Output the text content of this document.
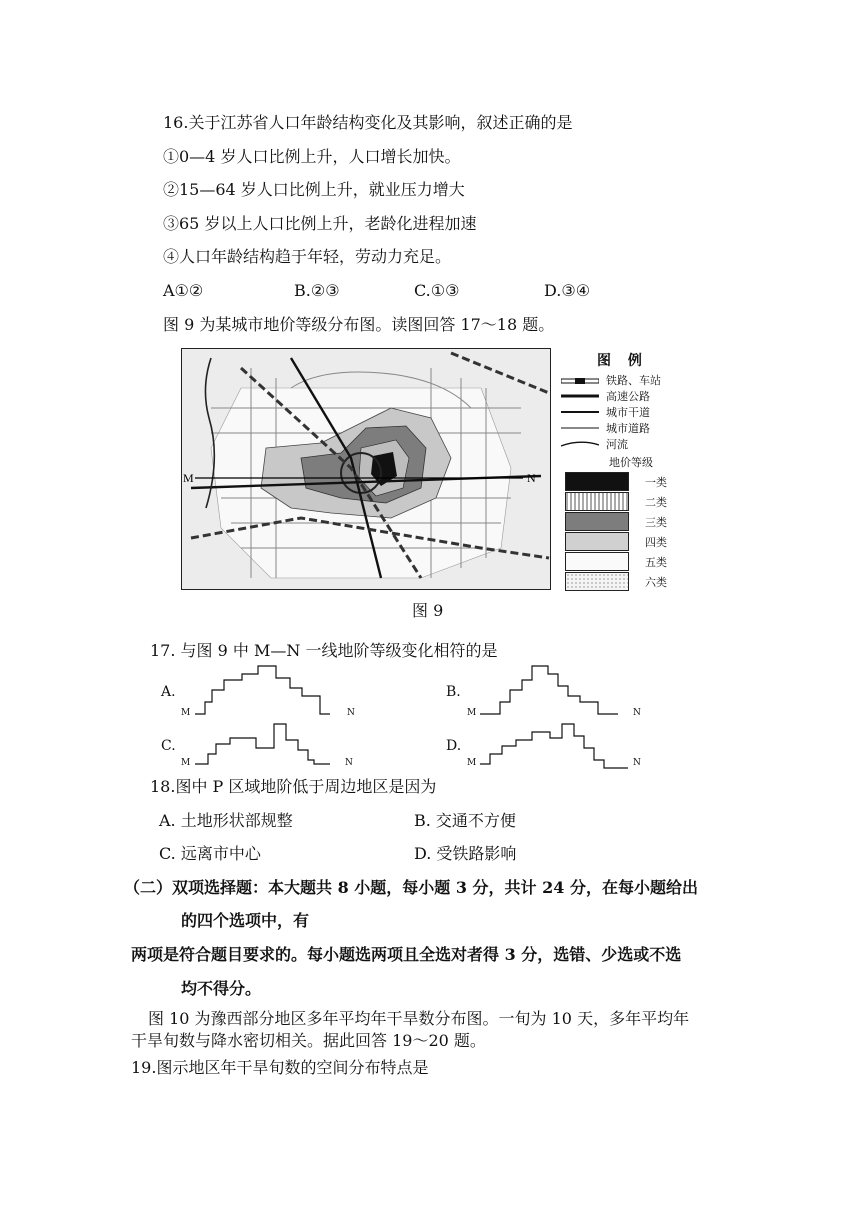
16.关于江苏省人口年龄结构变化及其影响，叙述正确的是
①0—4 岁人口比例上升，人口增长加快。
②15—64 岁人口比例上升，就业压力增大
③65 岁以上人口比例上升，老龄化进程加速
④人口年龄结构趋于年轻，劳动力充足。
A①②	B.②③	C.①③	D.③④
图 9 为某城市地价等级分布图。读图回答 17～18 题。
M	N
图 例
铁路、车站
高速公路
城市干道
城市道路
河流
地价等级
一类
二类
三类
四类
五类
六类
图 9
17. 与图 9 中 M—N 一线地阶等级变化相符的是
A.
M	N
B.
M	N
C.
M	N
D.
M	N
18.图中 P 区域地阶低于周边地区是因为
A. 土地形状部规整	B. 交通不方便
C. 远离市中心	D. 受铁路影响
（二）双项选择题：本大题共 8 小题，每小题 3 分，共计 24 分，在每小题给出
的四个选项中，有
两项是符合题目要求的。每小题选两项且全选对者得 3 分，选错、少选或不选
均不得分。
图 10 为豫西部分地区多年平均年干旱数分布图。一旬为 10 天，多年平均年
干旱旬数与降水密切相关。据此回答 19～20 题。
19.图示地区年干旱旬数的空间分布特点是
